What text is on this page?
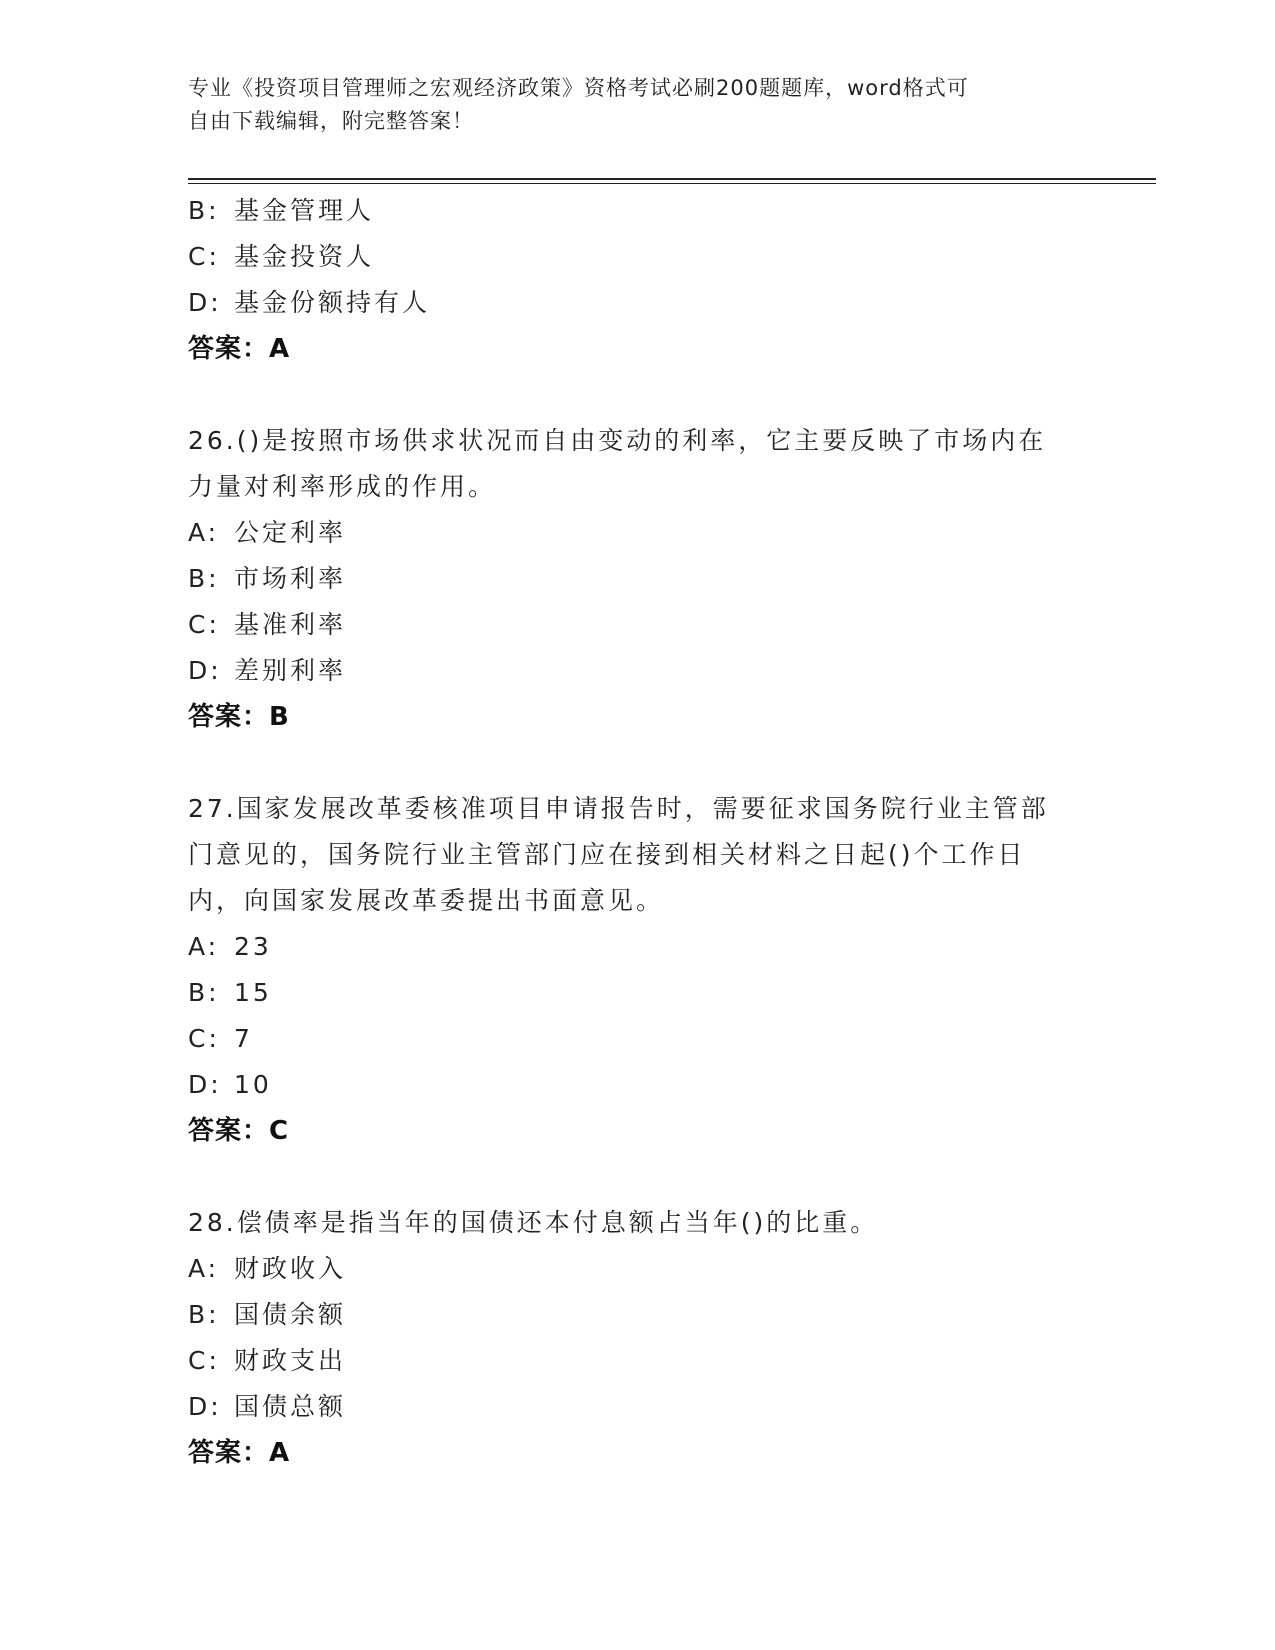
专业《投资项目管理师之宏观经济政策》资格考试必刷200题题库，word格式可
自由下载编辑，附完整答案！
B: 基金管理人
C: 基金投资人
D: 基金份额持有人
答案：A
26.()是按照市场供求状况而自由变动的利率，它主要反映了市场内在
力量对利率形成的作用。
A: 公定利率
B: 市场利率
C: 基准利率
D: 差别利率
答案：B
27.国家发展改革委核准项目申请报告时，需要征求国务院行业主管部
门意见的，国务院行业主管部门应在接到相关材料之日起()个工作日
内，向国家发展改革委提出书面意见。
A: 23
B: 15
C: 7
D: 10
答案：C
28.偿债率是指当年的国债还本付息额占当年()的比重。
A: 财政收入
B: 国债余额
C: 财政支出
D: 国债总额
答案：A
